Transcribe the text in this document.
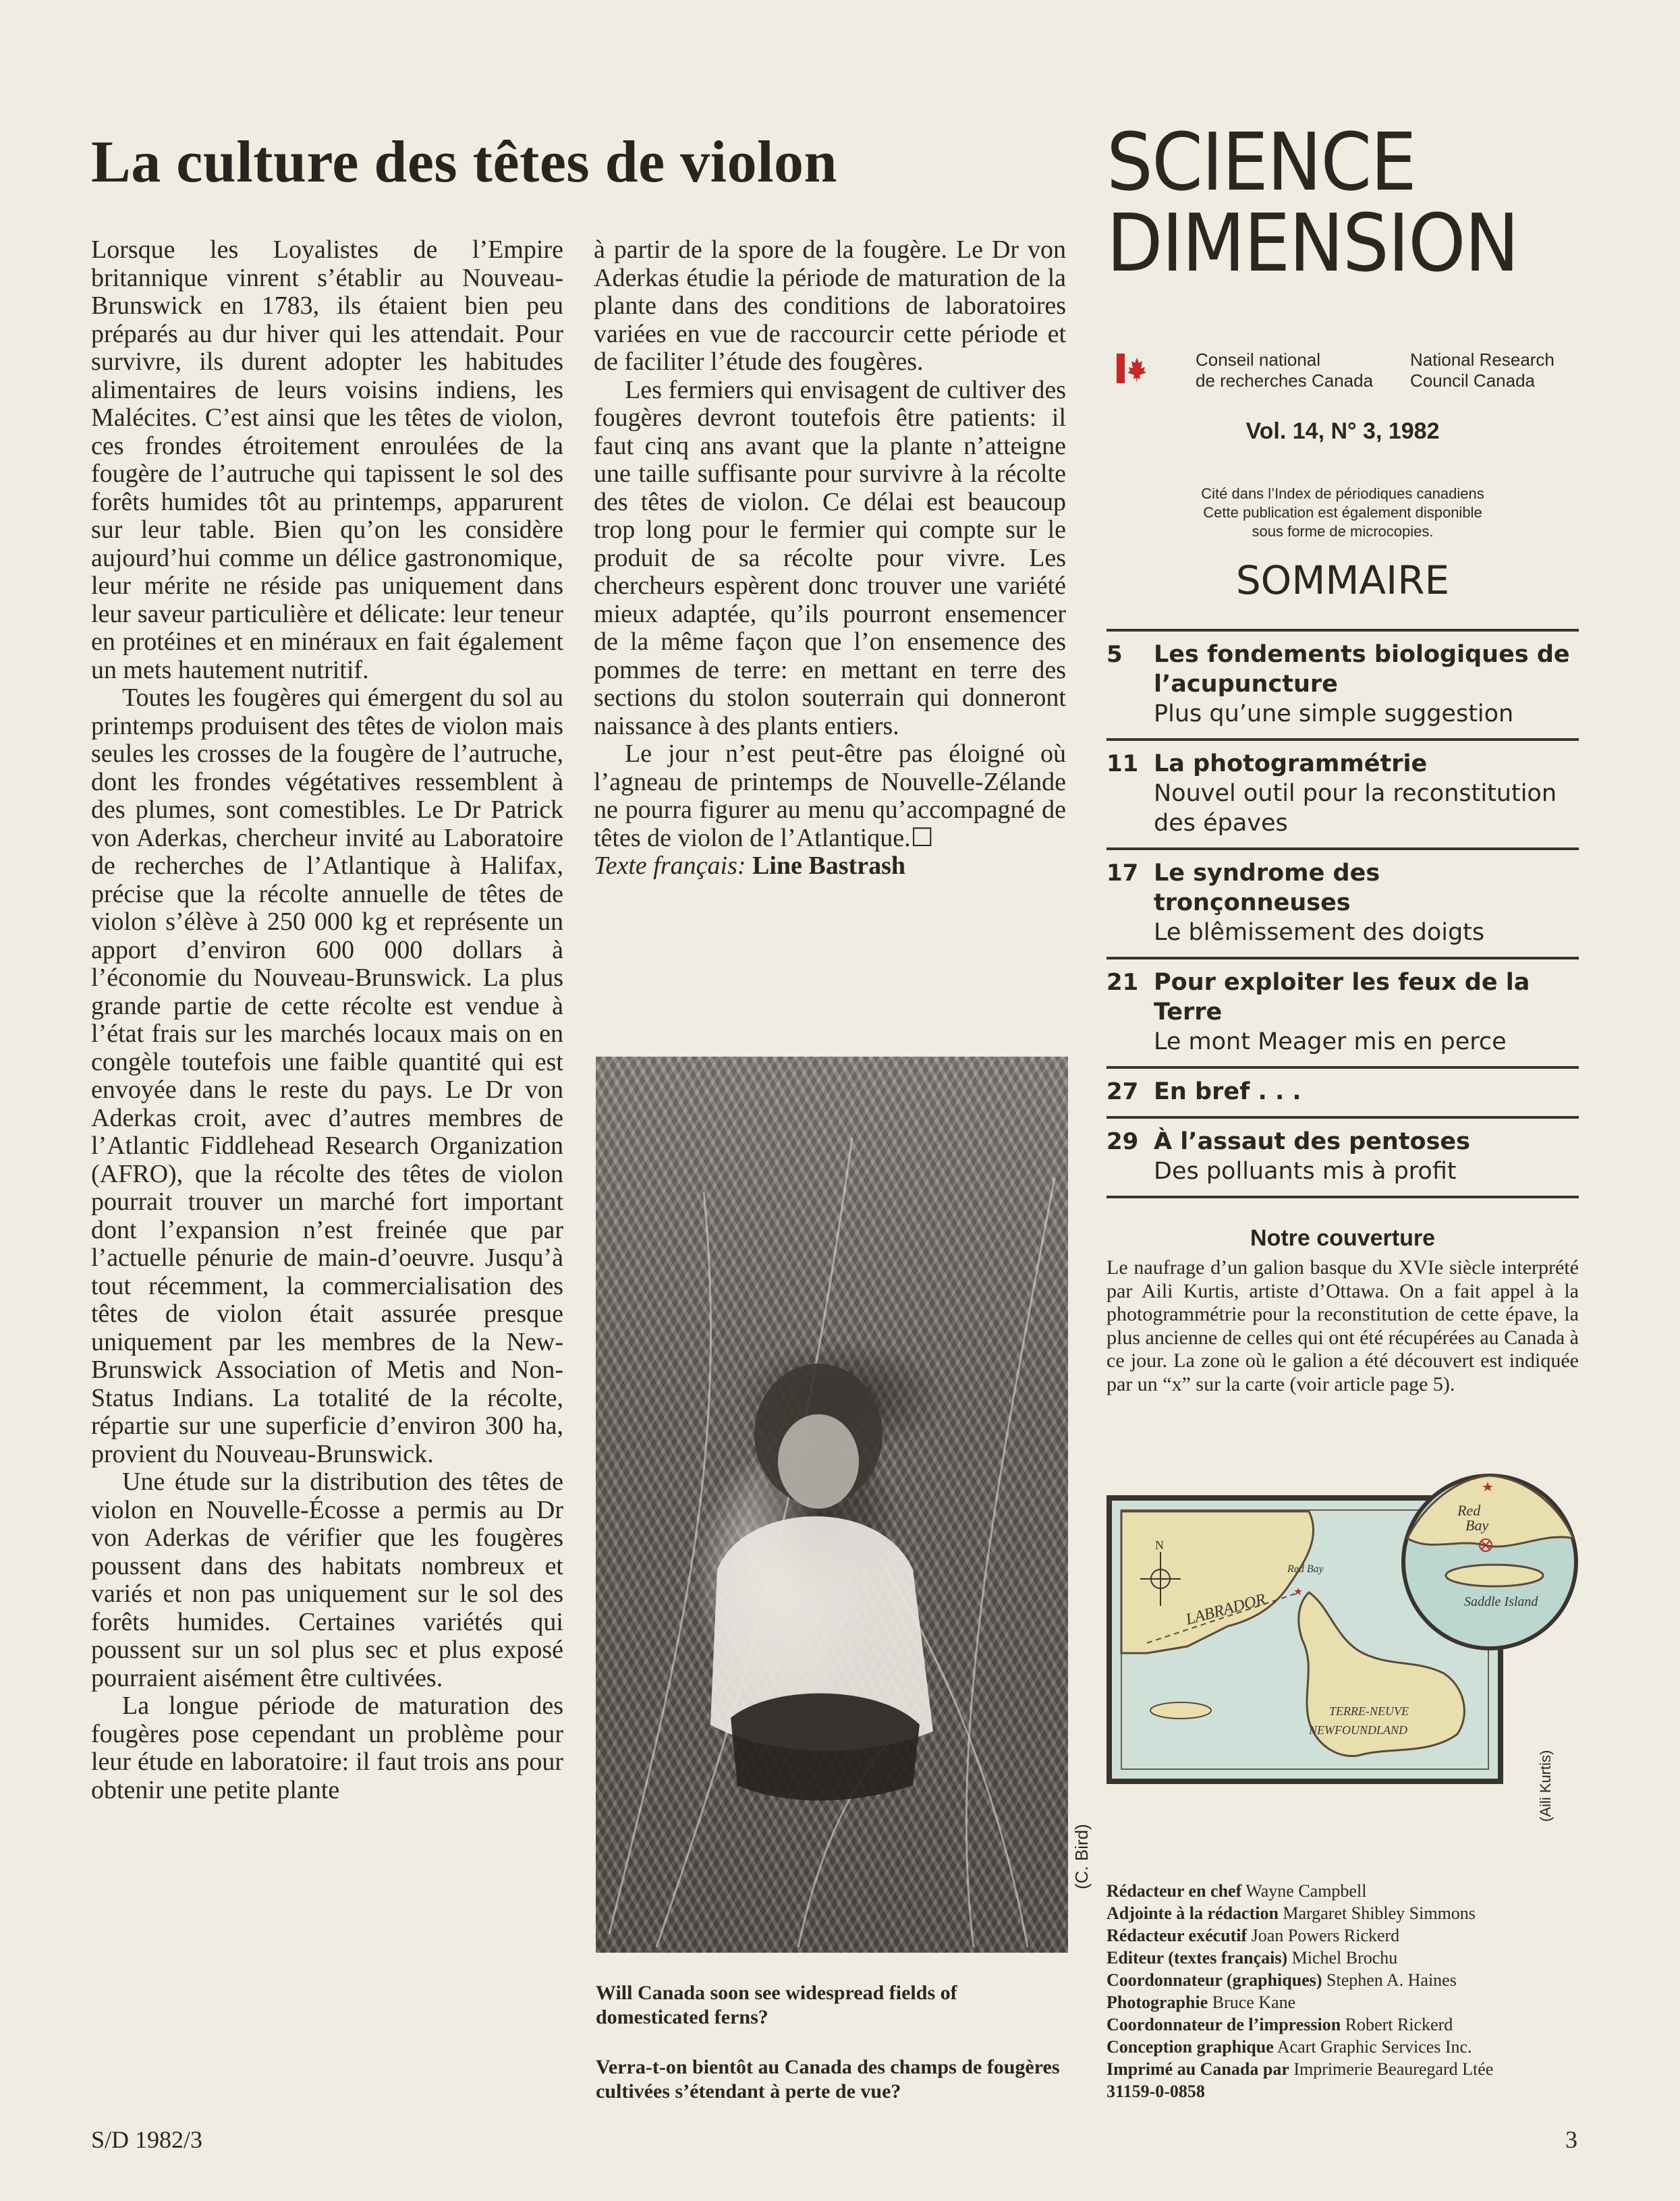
La culture des têtes de violon

Lorsque les Loyalistes de l’Empire britannique vinrent s’établir au Nouveau-Brunswick en 1783, ils étaient bien peu préparés au dur hiver qui les attendait. Pour survivre, ils durent adopter les habitudes alimentaires de leurs voisins indiens, les Malécites. C’est ainsi que les têtes de violon, ces frondes étroitement enroulées de la fougère de l’autruche qui tapissent le sol des forêts humides tôt au printemps, apparurent sur leur table. Bien qu’on les considère aujourd’hui comme un délice gastronomique, leur mérite ne réside pas uniquement dans leur saveur particulière et délicate: leur teneur en protéines et en minéraux en fait également un mets hautement nutritif.

Toutes les fougères qui émergent du sol au printemps produisent des têtes de violon mais seules les crosses de la fougère de l’autruche, dont les frondes végétatives ressemblent à des plumes, sont comestibles. Le Dr Patrick von Aderkas, chercheur invité au Laboratoire de recherches de l’Atlantique à Halifax, précise que la récolte annuelle de têtes de violon s’élève à 250 000 kg et représente un apport d’environ 600 000 dollars à l’économie du Nouveau-Brunswick. La plus grande partie de cette récolte est vendue à l’état frais sur les marchés locaux mais on en congèle toutefois une faible quantité qui est envoyée dans le reste du pays. Le Dr von Aderkas croit, avec d’autres membres de l’Atlantic Fiddlehead Research Organization (AFRO), que la récolte des têtes de violon pourrait trouver un marché fort important dont l’expansion n’est freinée que par l’actuelle pénurie de main-d’oeuvre. Jusqu’à tout récemment, la commercialisation des têtes de violon était assurée presque uniquement par les membres de la New-Brunswick Association of Metis and Non-Status Indians. La totalité de la récolte, répartie sur une superficie d’environ 300 ha, provient du Nouveau-Brunswick.

Une étude sur la distribution des têtes de violon en Nouvelle-Écosse a permis au Dr von Aderkas de vérifier que les fougères poussent dans des habitats nombreux et variés et non pas uniquement sur le sol des forêts humides. Certaines variétés qui poussent sur un sol plus sec et plus exposé pourraient aisément être cultivées.

La longue période de maturation des fougères pose cependant un problème pour leur étude en laboratoire: il faut trois ans pour obtenir une petite plante

à partir de la spore de la fougère. Le Dr von Aderkas étudie la période de maturation de la plante dans des conditions de laboratoires variées en vue de raccourcir cette période et de faciliter l’étude des fougères.

Les fermiers qui envisagent de cultiver des fougères devront toutefois être patients: il faut cinq ans avant que la plante n’atteigne une taille suffisante pour survivre à la récolte des têtes de violon. Ce délai est beaucoup trop long pour le fermier qui compte sur le produit de sa récolte pour vivre. Les chercheurs espèrent donc trouver une variété mieux adaptée, qu’ils pourront ensemencer de la même façon que l’on ensemence des pommes de terre: en mettant en terre des sections du stolon souterrain qui donneront naissance à des plants entiers.

Le jour n’est peut-être pas éloigné où l’agneau de printemps de Nouvelle-Zélande ne pourra figurer au menu qu’accompagné de têtes de violon de l’Atlantique.☐

Texte français: Line Bastrash

(C. Bird)
Will Canada soon see widespread fields of domesticated ferns?
Verra-t-on bientôt au Canada des champs de fougères cultivées s’étendant à perte de vue?
SCIENCE
DIMENSION
Conseil national
de recherches Canada
National Research
Council Canada
Vol. 14, N° 3, 1982
Cité dans l’Index de périodiques canadiens
Cette publication est également disponible
sous forme de microcopies.
SOMMAIRE
5	Les fondements biologiques de l’acupuncture
Plus qu’une simple suggestion
11 La photogrammétrie
Nouvel outil pour la reconstitution des épaves
17 Le syndrome des tronçonneuses
Le blêmissement des doigts
21 Pour exploiter les feux de la Terre
Le mont Meager mis en perce
27 En bref . . .
29 À l’assaut des pentoses
Des polluants mis à profit
Notre couverture
Le naufrage d’un galion basque du XVIe siècle interprété par Aili Kurtis, artiste d’Ottawa. On a fait appel à la photogrammétrie pour la reconstitution de cette épave, la plus ancienne de celles qui ont été récupérées au Canada à ce jour. La zone où le galion a été découvert est indiquée par un “x” sur la carte (voir article page 5).
N
LABRADOR
Red Bay
TERRE-NEUVE
NEWFOUNDLAND
Red
Bay
Saddle Island
(Aili Kurtis)
Rédacteur en chef Wayne Campbell
Adjointe à la rédaction Margaret Shibley Simmons
Rédacteur exécutif Joan Powers Rickerd
Editeur (textes français) Michel Brochu
Coordonnateur (graphiques) Stephen A. Haines
Photographie Bruce Kane
Coordonnateur de l’impression Robert Rickerd
Conception graphique Acart Graphic Services Inc.
Imprimé au Canada par Imprimerie Beauregard Ltée
31159-0-0858
S/D 1982/3	3
